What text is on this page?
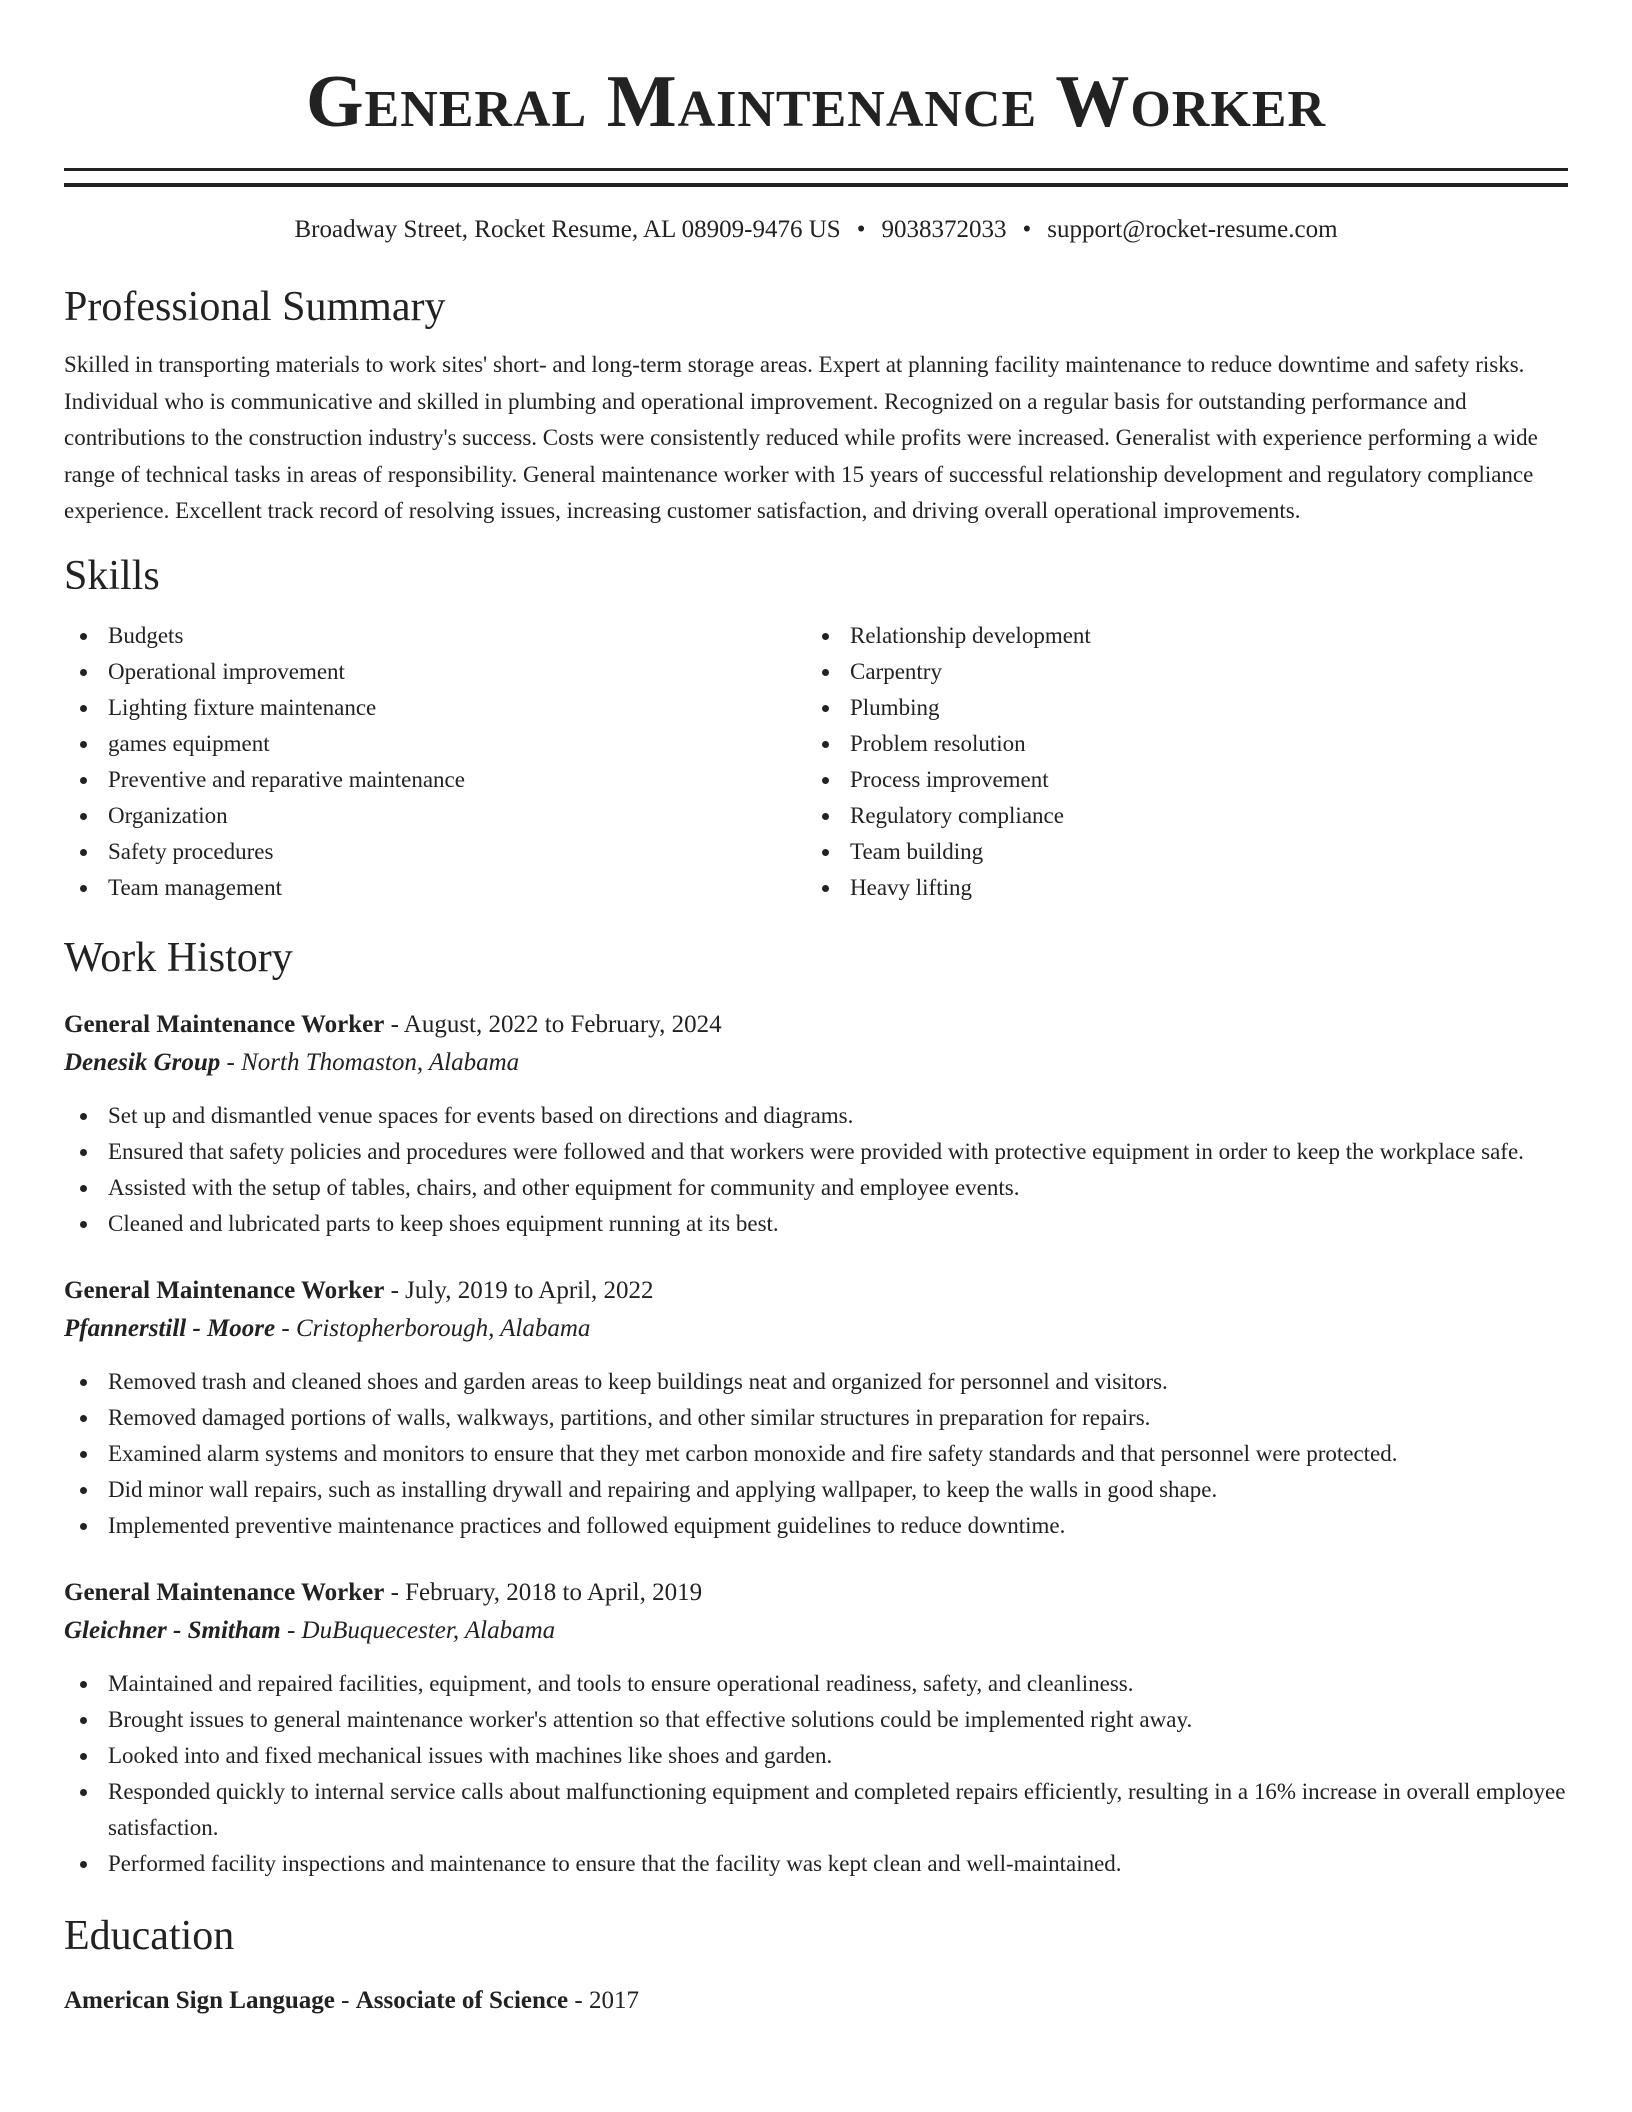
General Maintenance Worker
Broadway Street, Rocket Resume, AL 08909-9476 US • 9038372033 • support@rocket-resume.com
Professional Summary
Skilled in transporting materials to work sites' short- and long-term storage areas. Expert at planning facility maintenance to reduce downtime and safety risks. Individual who is communicative and skilled in plumbing and operational improvement. Recognized on a regular basis for outstanding performance and contributions to the construction industry's success. Costs were consistently reduced while profits were increased. Generalist with experience performing a wide range of technical tasks in areas of responsibility. General maintenance worker with 15 years of successful relationship development and regulatory compliance experience. Excellent track record of resolving issues, increasing customer satisfaction, and driving overall operational improvements.
Skills
Budgets
Operational improvement
Lighting fixture maintenance
games equipment
Preventive and reparative maintenance
Organization
Safety procedures
Team management
Relationship development
Carpentry
Plumbing
Problem resolution
Process improvement
Regulatory compliance
Team building
Heavy lifting
Work History
General Maintenance Worker - August, 2022 to February, 2024
Denesik Group - North Thomaston, Alabama
Set up and dismantled venue spaces for events based on directions and diagrams.
Ensured that safety policies and procedures were followed and that workers were provided with protective equipment in order to keep the workplace safe.
Assisted with the setup of tables, chairs, and other equipment for community and employee events.
Cleaned and lubricated parts to keep shoes equipment running at its best.
General Maintenance Worker - July, 2019 to April, 2022
Pfannerstill - Moore - Cristopherborough, Alabama
Removed trash and cleaned shoes and garden areas to keep buildings neat and organized for personnel and visitors.
Removed damaged portions of walls, walkways, partitions, and other similar structures in preparation for repairs.
Examined alarm systems and monitors to ensure that they met carbon monoxide and fire safety standards and that personnel were protected.
Did minor wall repairs, such as installing drywall and repairing and applying wallpaper, to keep the walls in good shape.
Implemented preventive maintenance practices and followed equipment guidelines to reduce downtime.
General Maintenance Worker - February, 2018 to April, 2019
Gleichner - Smitham - DuBuquecester, Alabama
Maintained and repaired facilities, equipment, and tools to ensure operational readiness, safety, and cleanliness.
Brought issues to general maintenance worker's attention so that effective solutions could be implemented right away.
Looked into and fixed mechanical issues with machines like shoes and garden.
Responded quickly to internal service calls about malfunctioning equipment and completed repairs efficiently, resulting in a 16% increase in overall employee satisfaction.
Performed facility inspections and maintenance to ensure that the facility was kept clean and well-maintained.
Education
American Sign Language - Associate of Science - 2017
